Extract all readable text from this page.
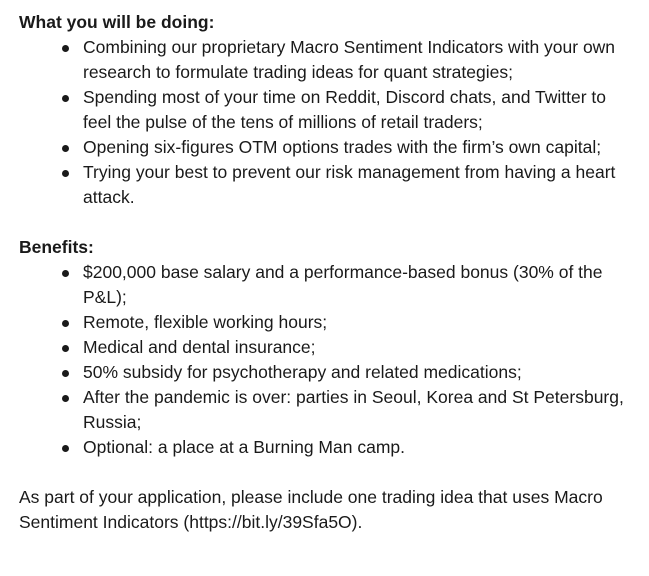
What you will be doing:

Combining our proprietary Macro Sentiment Indicators with your own research to formulate trading ideas for quant strategies;
Spending most of your time on Reddit, Discord chats, and Twitter to feel the pulse of the tens of millions of retail traders;
Opening six-figures OTM options trades with the firm’s own capital;
Trying your best to prevent our risk management from having a heart attack.

Benefits:

$200,000 base salary and a performance-based bonus (30% of the P&L);
Remote, flexible working hours;
Medical and dental insurance;
50% subsidy for psychotherapy and related medications;
After the pandemic is over: parties in Seoul, Korea and St Petersburg, Russia;
Optional: a place at a Burning Man camp.

As part of your application, please include one trading idea that uses Macro Sentiment Indicators (https://bit.ly/39Sfa5O).
